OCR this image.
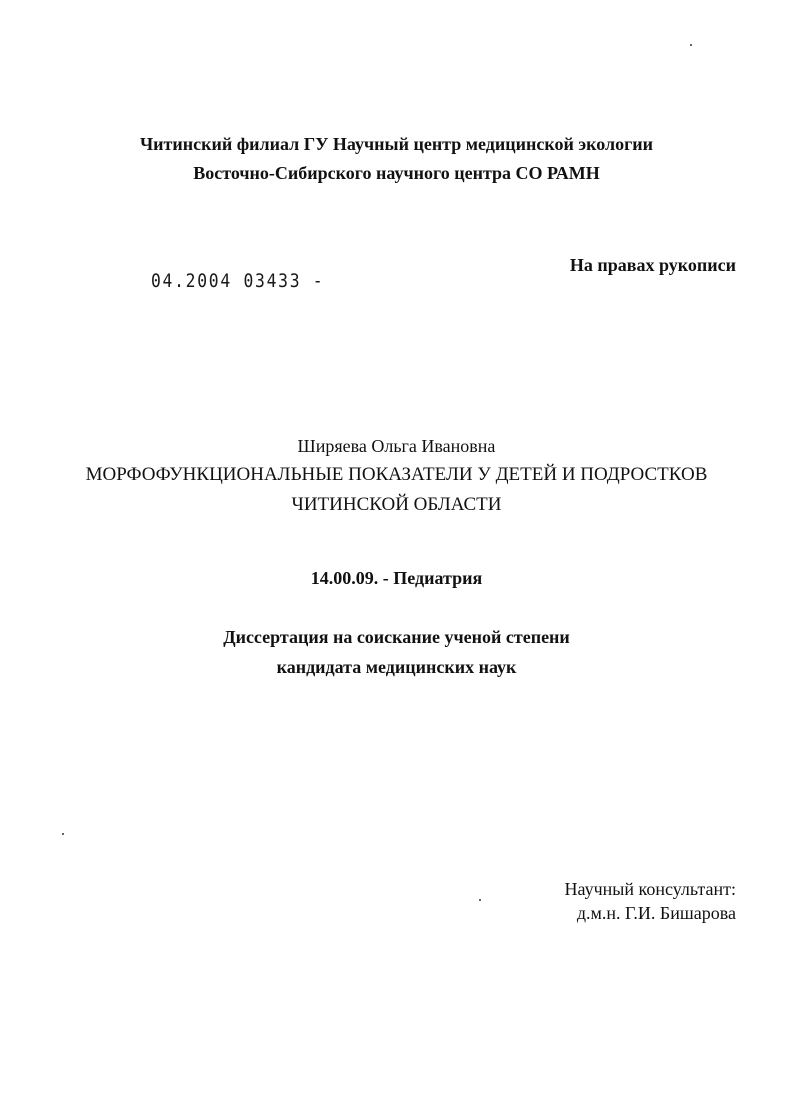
Читинский филиал ГУ Научный центр медицинской экологии
Восточно-Сибирского научного центра СО РАМН
04.2004 03433 -
На правах рукописи
Ширяева Ольга Ивановна
МОРФОФУНКЦИОНАЛЬНЫЕ ПОКАЗАТЕЛИ У ДЕТЕЙ И ПОДРОСТКОВ
ЧИТИНСКОЙ ОБЛАСТИ
14.00.09. - Педиатрия
Диссертация на соискание ученой степени
кандидата медицинских наук
Научный консультант:
д.м.н. Г.И. Бишарова
